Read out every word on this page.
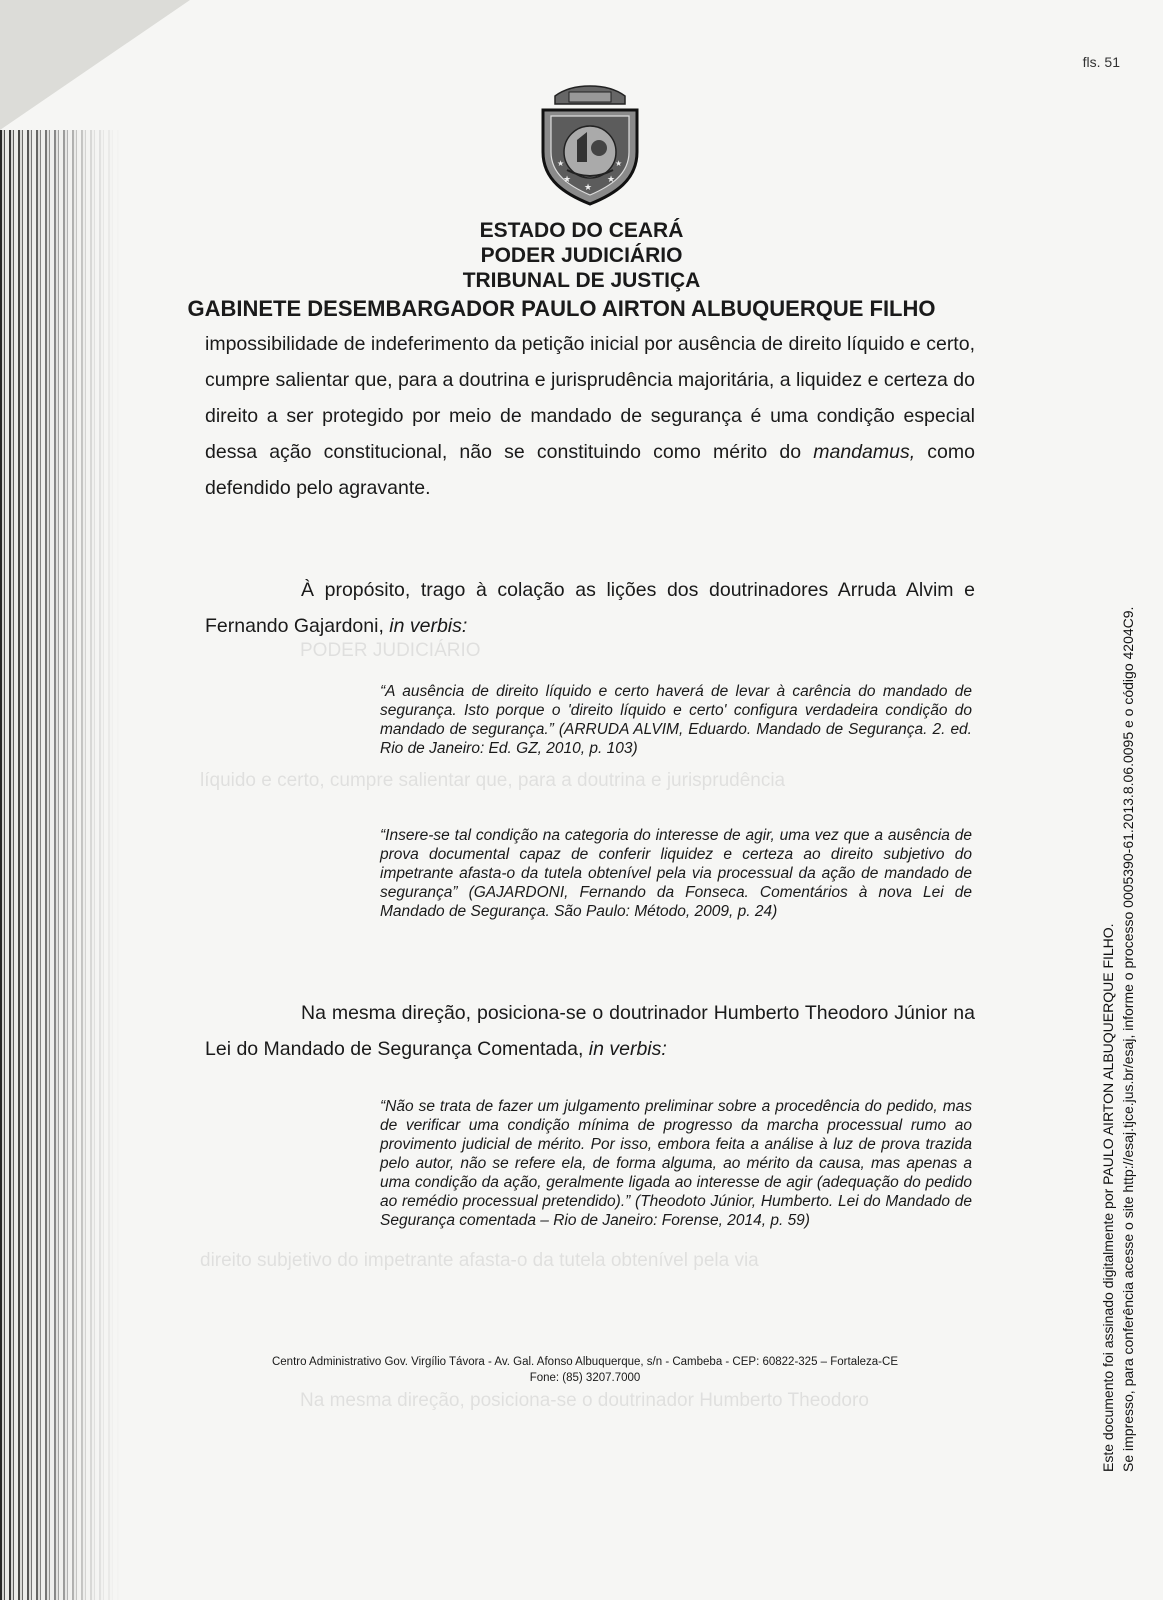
PODER JUDICIÁRIO
líquido e certo, cumpre salientar que, para a doutrina e jurisprudência
direito subjetivo do impetrante afasta-o da tutela obtenível pela via
Na mesma direção, posiciona-se o doutrinador Humberto Theodoro
fls. 51
★
★
★
★	★
ESTADO DO CEARÁ
PODER JUDICIÁRIO
TRIBUNAL DE JUSTIÇA
GABINETE DESEMBARGADOR PAULO AIRTON ALBUQUERQUE FILHO
impossibilidade de indeferimento da petição inicial por ausência de direito líquido e certo, cumpre salientar que, para a doutrina e jurisprudência majoritária, a liquidez e certeza do direito a ser protegido por meio de mandado de segurança é uma condição especial dessa ação constitucional, não se constituindo como mérito do mandamus, como defendido pelo agravante.
À propósito, trago à colação as lições dos doutrinadores Arruda Alvim e Fernando Gajardoni, in verbis:
“A ausência de direito líquido e certo haverá de levar à carência do mandado de segurança. Isto porque o 'direito líquido e certo' configura verdadeira condição do mandado de segurança.” (ARRUDA ALVIM, Eduardo. Mandado de Segurança. 2. ed. Rio de Janeiro: Ed. GZ, 2010, p. 103)
“Insere-se tal condição na categoria do interesse de agir, uma vez que a ausência de prova documental capaz de conferir liquidez e certeza ao direito subjetivo do impetrante afasta-o da tutela obtenível pela via processual da ação de mandado de segurança” (GAJARDONI, Fernando da Fonseca. Comentários à nova Lei de Mandado de Segurança. São Paulo: Método, 2009, p. 24)
Na mesma direção, posiciona-se o doutrinador Humberto Theodoro Júnior na Lei do Mandado de Segurança Comentada, in verbis:
“Não se trata de fazer um julgamento preliminar sobre a procedência do pedido, mas de verificar uma condição mínima de progresso da marcha processual rumo ao provimento judicial de mérito. Por isso, embora feita a análise à luz de prova trazida pelo autor, não se refere ela, de forma alguma, ao mérito da causa, mas apenas a uma condição da ação, geralmente ligada ao interesse de agir (adequação do pedido ao remédio processual pretendido).” (Theodoto Júnior, Humberto. Lei do Mandado de Segurança comentada – Rio de Janeiro: Forense, 2014, p. 59)
Centro Administrativo Gov. Virgílio Távora - Av. Gal. Afonso Albuquerque, s/n - Cambeba - CEP: 60822-325 – Fortaleza-CE
Fone: (85) 3207.7000	Este documento foi assinado digitalmente por PAULO AIRTON ALBUQUERQUE FILHO. Se impresso, para conferência acesse o site http://esaj.tjce.jus.br/esaj, informe o processo 0005390-61.2013.8.06.0095 e o código 4204C9.
